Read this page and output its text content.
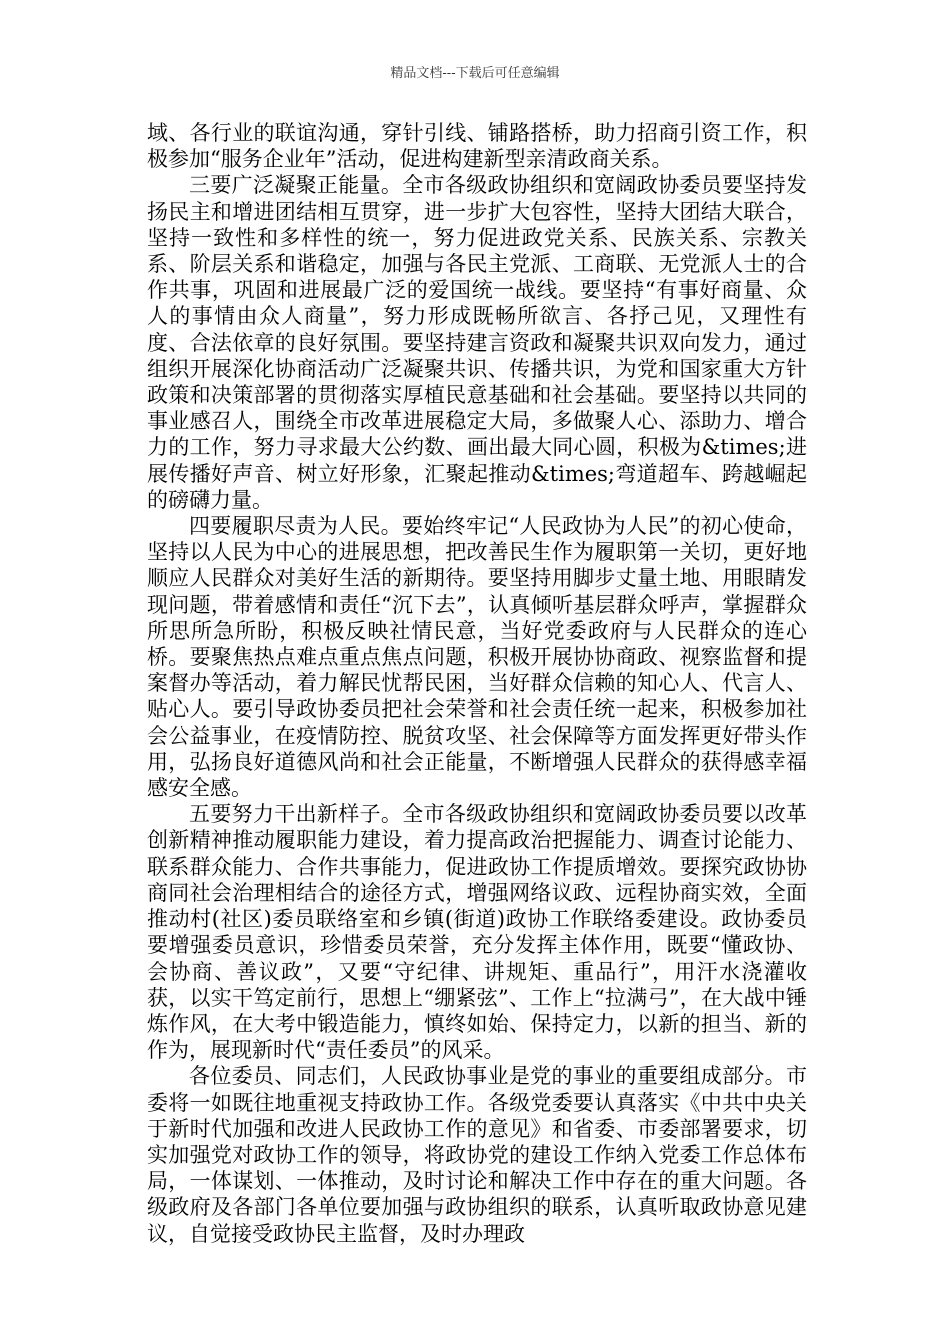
精品文档---下载后可任意编辑

域、各行业的联谊沟通，穿针引线、铺路搭桥，助力招商引资工作，积极参加“服务企业年”活动，促进构建新型亲清政商关系。

三要广泛凝聚正能量。全市各级政协组织和宽阔政协委员要坚持发扬民主和增进团结相互贯穿，进一步扩大包容性，坚持大团结大联合，坚持一致性和多样性的统一，努力促进政党关系、民族关系、宗教关系、阶层关系和谐稳定，加强与各民主党派、工商联、无党派人士的合作共事，巩固和进展最广泛的爱国统一战线。要坚持“有事好商量、众人的事情由众人商量”，努力形成既畅所欲言、各抒己见，又理性有度、合法依章的良好氛围。要坚持建言资政和凝聚共识双向发力，通过组织开展深化协商活动广泛凝聚共识、传播共识，为党和国家重大方针政策和决策部署的贯彻落实厚植民意基础和社会基础。要坚持以共同的事业感召人，围绕全市改革进展稳定大局，多做聚人心、添助力、增合力的工作，努力寻求最大公约数、画出最大同心圆，积极为&times;进展传播好声音、树立好形象，汇聚起推动&times;弯道超车、跨越崛起的磅礴力量。

四要履职尽责为人民。要始终牢记“人民政协为人民”的初心使命，坚持以人民为中心的进展思想，把改善民生作为履职第一关切，更好地顺应人民群众对美好生活的新期待。要坚持用脚步丈量土地、用眼睛发现问题，带着感情和责任“沉下去”，认真倾听基层群众呼声，掌握群众所思所急所盼，积极反映社情民意，当好党委政府与人民群众的连心桥。要聚焦热点难点重点焦点问题，积极开展协协商政、视察监督和提案督办等活动，着力解民忧帮民困，当好群众信赖的知心人、代言人、贴心人。要引导政协委员把社会荣誉和社会责任统一起来，积极参加社会公益事业，在疫情防控、脱贫攻坚、社会保障等方面发挥更好带头作用，弘扬良好道德风尚和社会正能量，不断增强人民群众的获得感幸福感安全感。

五要努力干出新样子。全市各级政协组织和宽阔政协委员要以改革创新精神推动履职能力建设，着力提高政治把握能力、调查讨论能力、联系群众能力、合作共事能力，促进政协工作提质增效。要探究政协协商同社会治理相结合的途径方式，增强网络议政、远程协商实效，全面推动村(社区)委员联络室和乡镇(街道)政协工作联络委建设。政协委员要增强委员意识，珍惜委员荣誉，充分发挥主体作用，既要“懂政协、会协商、善议政”，又要“守纪律、讲规矩、重品行”，用汗水浇灌收获，以实干笃定前行，思想上“绷紧弦”、工作上“拉满弓”，在大战中锤炼作风，在大考中锻造能力，慎终如始、保持定力，以新的担当、新的作为，展现新时代“责任委员”的风采。

各位委员、同志们，人民政协事业是党的事业的重要组成部分。市委将一如既往地重视支持政协工作。各级党委要认真落实《中共中央关于新时代加强和改进人民政协工作的意见》和省委、市委部署要求，切实加强党对政协工作的领导，将政协党的建设工作纳入党委工作总体布局，一体谋划、一体推动，及时讨论和解决工作中存在的重大问题。各级政府及各部门各单位要加强与政协组织的联系，认真听取政协意见建议，自觉接受政协民主监督，及时办理政
